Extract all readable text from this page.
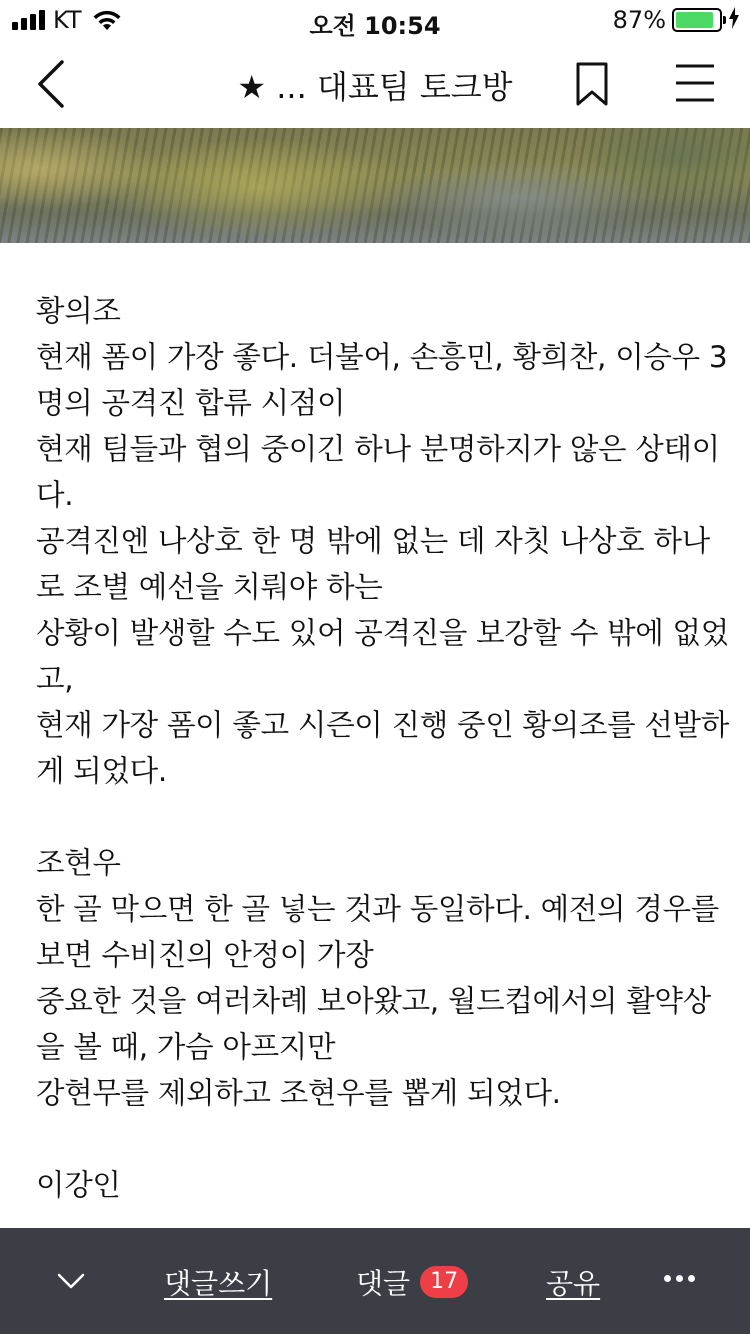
KT	오전 10:54	87%
★ ... 대표팀 토크방
황의조
현재 폼이 가장 좋다. 더불어, 손흥민, 황희찬, 이승우 3
명의 공격진 합류 시점이
현재 팀들과 협의 중이긴 하나 분명하지가 않은 상태이
다.
공격진엔 나상호 한 명 밖에 없는 데 자칫 나상호 하나
로 조별 예선을 치뤄야 하는
상황이 발생할 수도 있어 공격진을 보강할 수 밖에 없었
고,
현재 가장 폼이 좋고 시즌이 진행 중인 황의조를 선발하
게 되었다.
조현우
한 골 막으면 한 골 넣는 것과 동일하다. 예전의 경우를
보면 수비진의 안정이 가장
중요한 것을 여러차례 보아왔고, 월드컵에서의 활약상
을 볼 때, 가슴 아프지만
강현무를 제외하고 조현우를 뽑게 되었다.
이강인
댓글쓰기	댓글 17	공유
